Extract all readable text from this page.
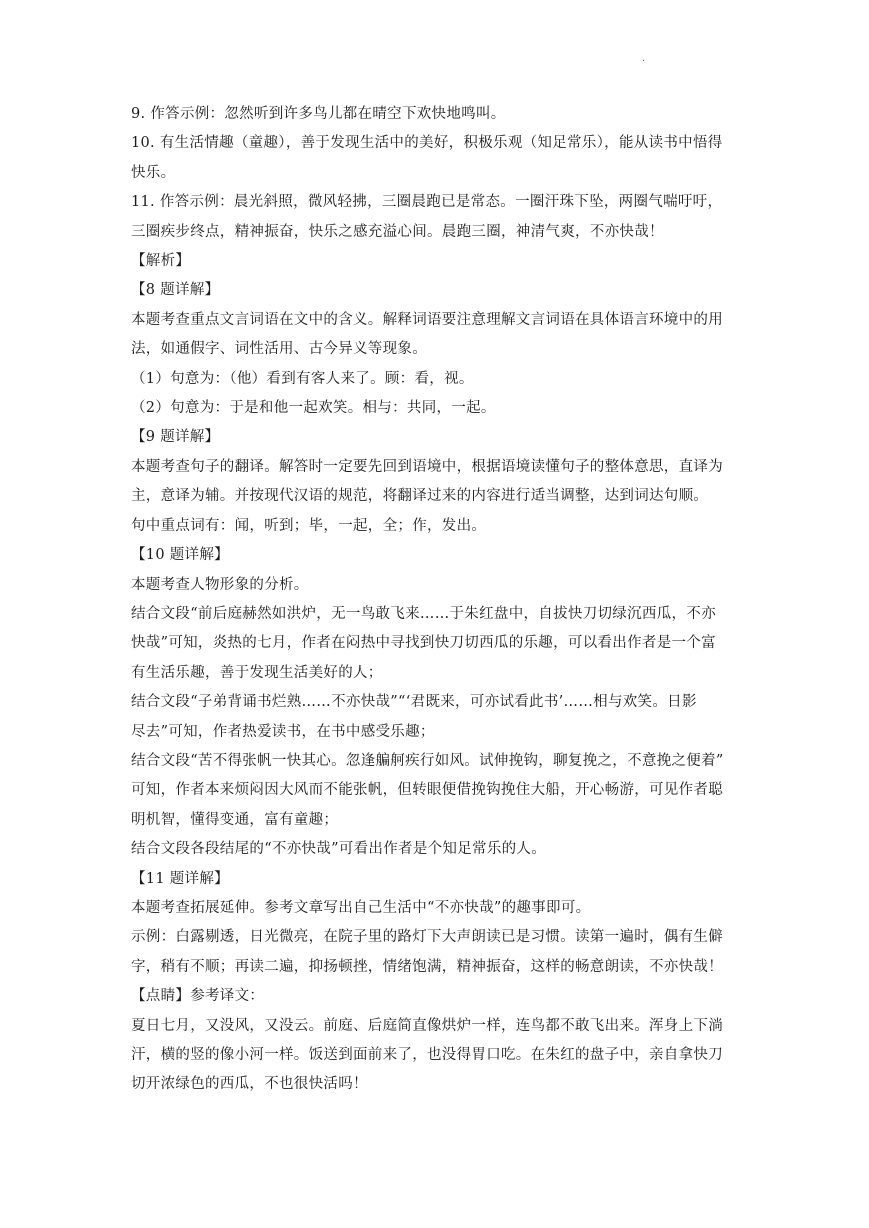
·
9. 作答示例：忽然听到许多鸟儿都在晴空下欢快地鸣叫。
10. 有生活情趣（童趣），善于发现生活中的美好，积极乐观（知足常乐），能从读书中悟得
快乐。
11. 作答示例：晨光斜照，微风轻拂，三圈晨跑已是常态。一圈汗珠下坠，两圈气喘吁吁，
三圈疾步终点，精神振奋，快乐之感充溢心间。晨跑三圈，神清气爽，不亦快哉！
【解析】
【8 题详解】
本题考查重点文言词语在文中的含义。解释词语要注意理解文言词语在具体语言环境中的用
法，如通假字、词性活用、古今异义等现象。
（1）句意为：（他）看到有客人来了。顾：看，视。
（2）句意为：于是和他一起欢笑。相与：共同，一起。
【9 题详解】
本题考查句子的翻译。解答时一定要先回到语境中，根据语境读懂句子的整体意思，直译为
主，意译为辅。并按现代汉语的规范，将翻译过来的内容进行适当调整，达到词达句顺。
句中重点词有：闻，听到；毕，一起，全；作，发出。
【10 题详解】
本题考查人物形象的分析。
结合文段“前后庭赫然如洪炉，无一鸟敢飞来……于朱红盘中，自拔快刀切绿沉西瓜，不亦
快哉”可知，炎热的七月，作者在闷热中寻找到快刀切西瓜的乐趣，可以看出作者是一个富
有生活乐趣，善于发现生活美好的人；
结合文段“子弟背诵书烂熟……不亦快哉”“‘君既来，可亦试看此书’……相与欢笑。日影
尽去”可知，作者热爱读书，在书中感受乐趣；
结合文段“苦不得张帆一快其心。忽逢艑舸疾行如风。试伸挽钩，聊复挽之，不意挽之便着”
可知，作者本来烦闷因大风而不能张帆，但转眼便借挽钩挽住大船，开心畅游，可见作者聪
明机智，懂得变通，富有童趣；
结合文段各段结尾的“不亦快哉”可看出作者是个知足常乐的人。
【11 题详解】
本题考查拓展延伸。参考文章写出自己生活中“不亦快哉”的趣事即可。
示例：白露剔透，日光微亮，在院子里的路灯下大声朗读已是习惯。读第一遍时，偶有生僻
字，稍有不顺；再读二遍，抑扬顿挫，情绪饱满，精神振奋，这样的畅意朗读，不亦快哉！
【点睛】参考译文：
夏日七月，又没风，又没云。前庭、后庭简直像烘炉一样，连鸟都不敢飞出来。浑身上下淌
汗，横的竖的像小河一样。饭送到面前来了，也没得胃口吃。在朱红的盘子中，亲自拿快刀
切开浓绿色的西瓜，不也很快活吗！
